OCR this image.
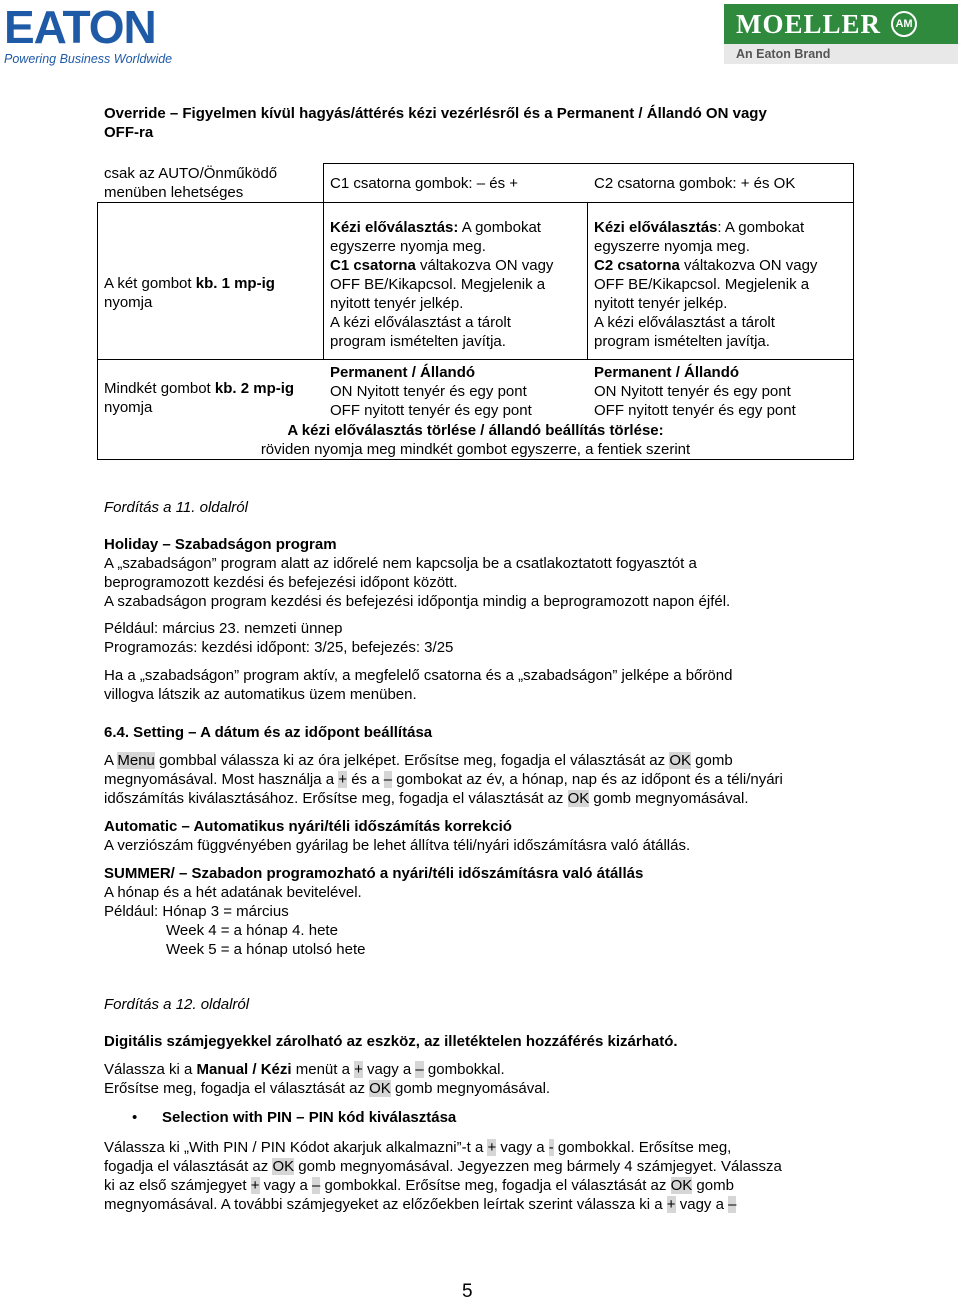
EATON
Powering Business Worldwide
MOELLER	AM
An Eaton Brand

Override – Figyelmen kívül hagyás/áttérés kézi vezérlésről és a Permanent / Állandó ON vagy

OFF-ra

csak az AUTO/Önműködő

menüben lehetséges

C1 csatorna gombok: – és +	C2 csatorna gombok: + és OK

A két gombot kb. 1 mp-ig

nyomja

Kézi előválasztás: A gombokat

egyszerre nyomja meg.

C1 csatorna váltakozva ON vagy

OFF BE/Kikapcsol. Megjelenik a

nyitott tenyér jelkép.

A kézi előválasztást a tárolt

program ismételten javítja.

Kézi előválasztás: A gombokat

egyszerre nyomja meg.

C2 csatorna váltakozva ON vagy

OFF BE/Kikapcsol. Megjelenik a

nyitott tenyér jelkép.

A kézi előválasztást a tárolt

program ismételten javítja.

Mindkét gombot kb. 2 mp-ig

nyomja

Permanent / Állandó

ON Nyitott tenyér és egy pont

OFF nyitott tenyér és egy pont

Permanent / Állandó

ON Nyitott tenyér és egy pont

OFF nyitott tenyér és egy pont

A kézi előválasztás törlése / állandó beállítás törlése:

röviden nyomja meg mindkét gombot egyszerre, a fentiek szerint

Fordítás a 11. oldalról

Holiday – Szabadságon program

A „szabadságon” program alatt az időrelé nem kapcsolja be a csatlakoztatott fogyasztót a

beprogramozott kezdési és befejezési időpont között.

A szabadságon program kezdési és befejezési időpontja mindig a beprogramozott napon éjfél.

Például: március 23. nemzeti ünnep

Programozás: kezdési időpont: 3/25, befejezés: 3/25

Ha a „szabadságon” program aktív, a megfelelő csatorna és a „szabadságon” jelképe a bőrönd

villogva látszik az automatikus üzem menüben.

6.4. Setting – A dátum és az időpont beállítása

A Menu gombbal válassza ki az óra jelképet. Erősítse meg, fogadja el választását az OK gomb

megnyomásával. Most használja a + és a – gombokat az év, a hónap, nap és az időpont és a téli/nyári

időszámítás kiválasztásához. Erősítse meg, fogadja el választását az OK gomb megnyomásával.

Automatic – Automatikus nyári/téli időszámítás korrekció

A verziószám függvényében gyárilag be lehet állítva téli/nyári időszámításra való átállás.

SUMMER/ – Szabadon programozható a nyári/téli időszámításra való átállás

A hónap és a hét adatának bevitelével.

Például: Hónap 3 = március

Week 4 = a hónap 4. hete

Week 5 = a hónap utolsó hete

Fordítás a 12. oldalról

Digitális számjegyekkel zárolható az eszköz, az illetéktelen hozzáférés kizárható.

Válassza ki a Manual / Kézi menüt a + vagy a – gombokkal.

Erősítse meg, fogadja el választását az OK gomb megnyomásával.

• Selection with PIN – PIN kód kiválasztása

Válassza ki „With PIN / PIN Kódot akarjuk alkalmazni”-t a + vagy a - gombokkal. Erősítse meg,

fogadja el választását az OK gomb megnyomásával. Jegyezzen meg bármely 4 számjegyet. Válassza

ki az első számjegyet + vagy a – gombokkal. Erősítse meg, fogadja el választását az OK gomb

megnyomásával. A további számjegyeket az előzőekben leírtak szerint válassza ki a + vagy a –

5
